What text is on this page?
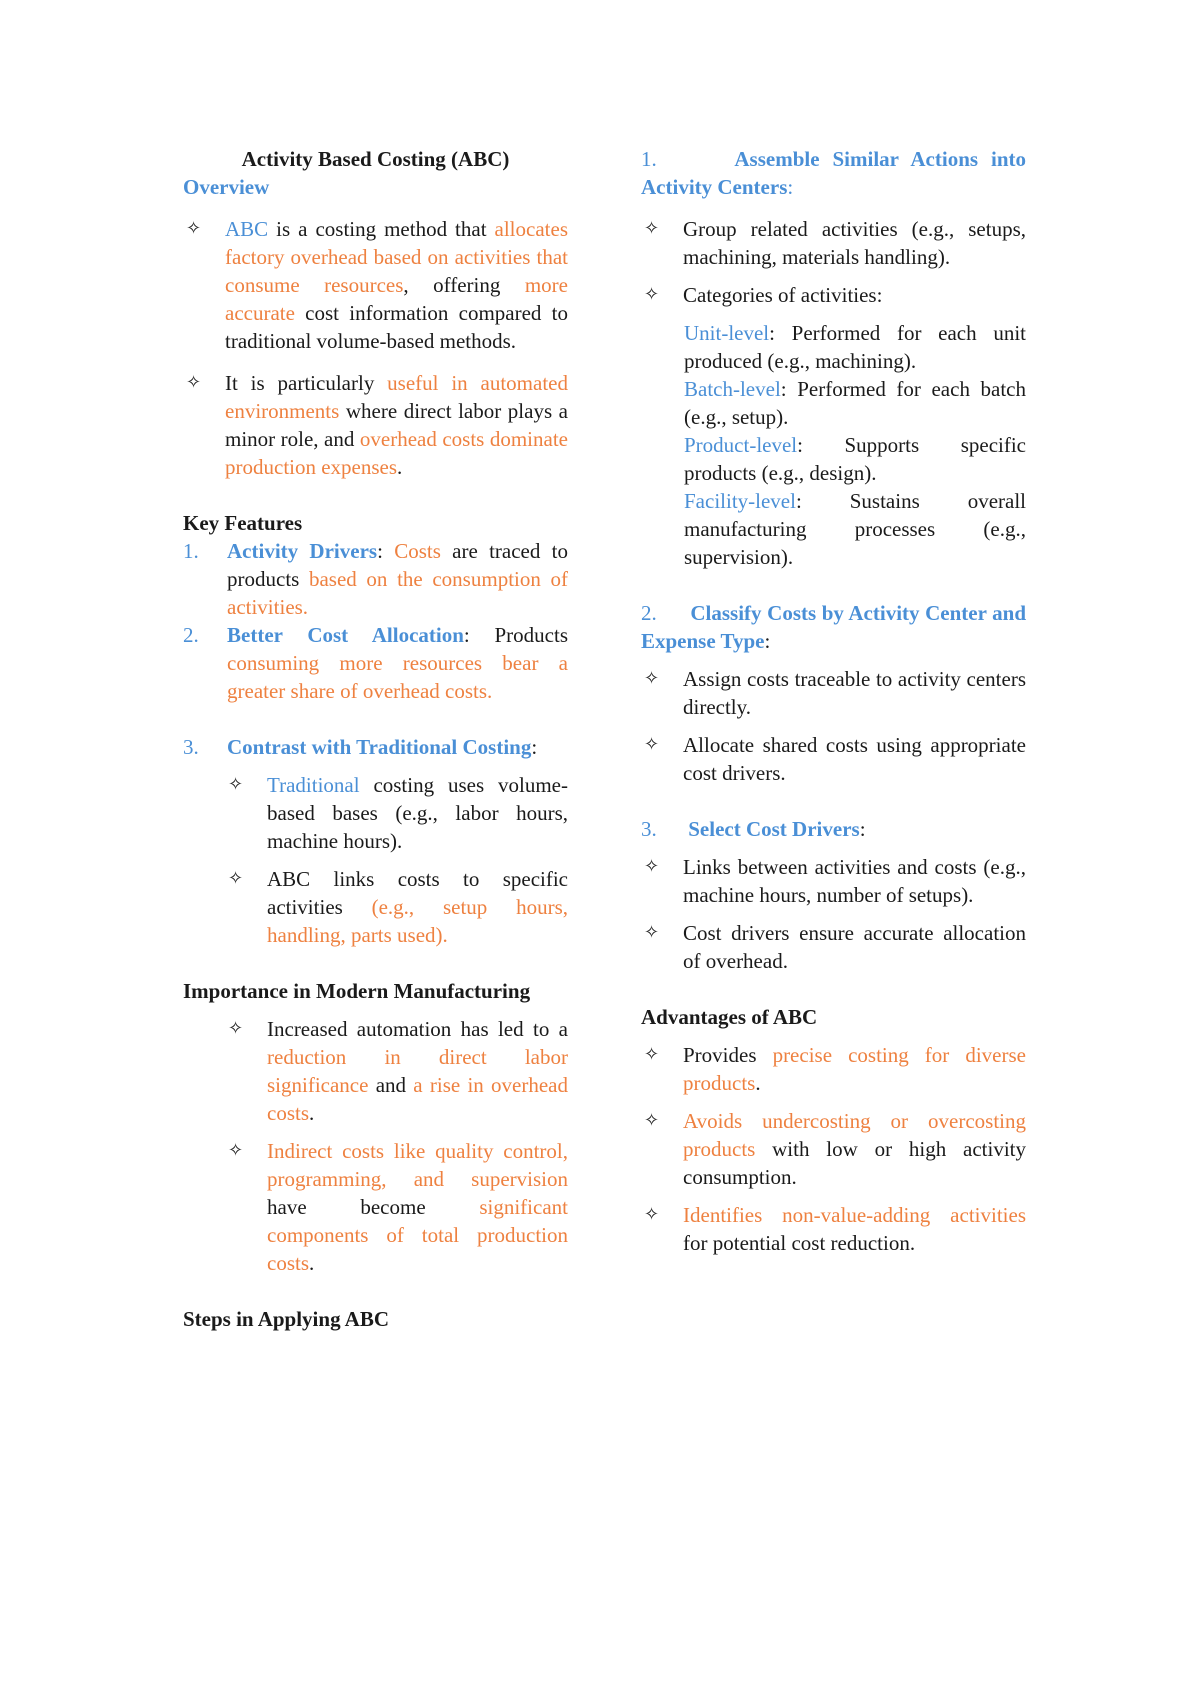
Activity Based Costing (ABC)
Overview
✧ ABC is a costing method that allocates factory overhead based on activities that consume resources, offering more accurate cost information compared to traditional volume-based methods.
✧ It is particularly useful in automated environments where direct labor plays a minor role, and overhead costs dominate production expenses.
Key Features
1. Activity Drivers: Costs are traced to products based on the consumption of activities.
2. Better Cost Allocation: Products consuming more resources bear a greater share of overhead costs.
3. Contrast with Traditional Costing:
✧ Traditional costing uses volume-based bases (e.g., labor hours, machine hours).
✧ ABC links costs to specific activities (e.g., setup hours, handling, parts used).
Importance in Modern Manufacturing
✧ Increased automation has led to a reduction in direct labor significance and a rise in overhead costs.
✧ Indirect costs like quality control, programming, and supervision have become significant components of total production costs.
Steps in Applying ABC
1.	Assemble Similar Actions into Activity Centers:
✧ Group related activities (e.g., setups, machining, materials handling).
✧ Categories of activities:
Unit-level: Performed for each unit produced (e.g., machining).
Batch-level: Performed for each batch (e.g., setup).
Product-level: Supports specific products (e.g., design).
Facility-level: Sustains overall manufacturing processes (e.g., supervision).
2. Classify Costs by Activity Center and Expense Type:
✧ Assign costs traceable to activity centers directly.
✧ Allocate shared costs using appropriate cost drivers.
3. Select Cost Drivers:
✧ Links between activities and costs (e.g., machine hours, number of setups).
✧ Cost drivers ensure accurate allocation of overhead.
Advantages of ABC
✧ Provides precise costing for diverse products.
✧ Avoids undercosting or overcosting products with low or high activity consumption.
✧ Identifies non-value-adding activities for potential cost reduction.
